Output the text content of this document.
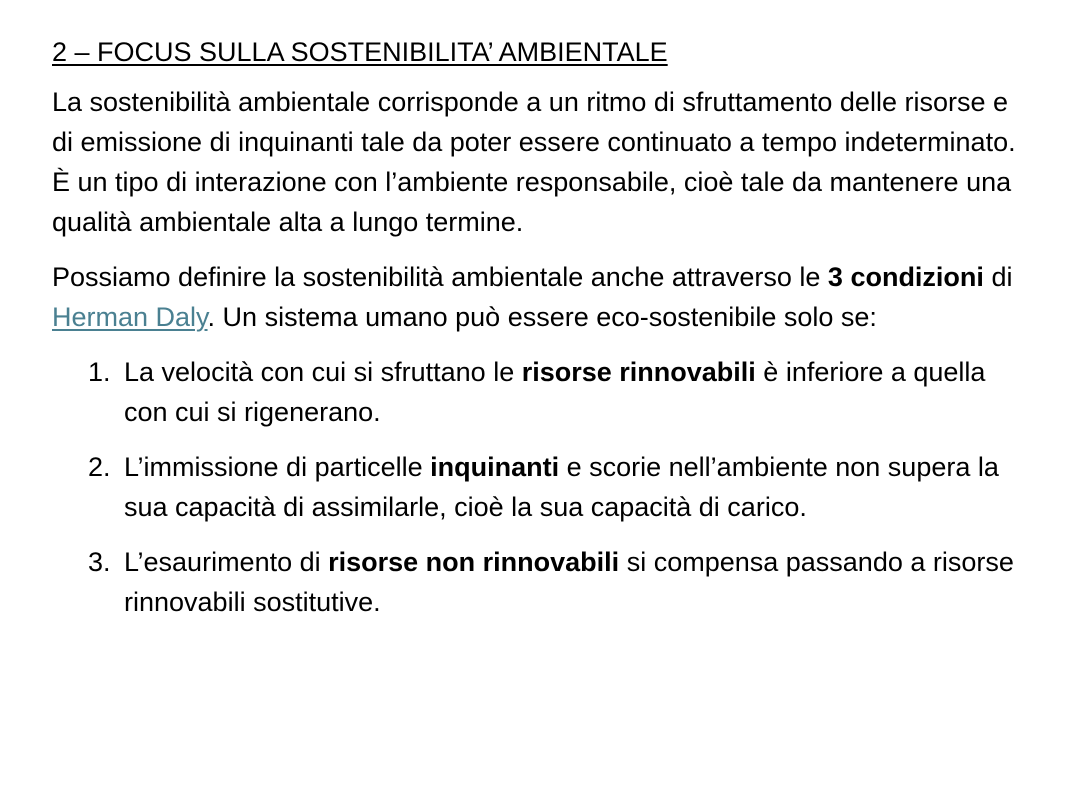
2 – FOCUS SULLA SOSTENIBILITA’ AMBIENTALE

La sostenibilità ambientale corrisponde a un ritmo di sfruttamento delle risorse e di emissione di inquinanti tale da poter essere continuato a tempo indeterminato. È un tipo di interazione con l’ambiente responsabile, cioè tale da mantenere una qualità ambientale alta a lungo termine.

Possiamo definire la sostenibilità ambientale anche attraverso le 3 condizioni di Herman Daly. Un sistema umano può essere eco-sostenibile solo se:

1. La velocità con cui si sfruttano le risorse rinnovabili è inferiore a quella con cui si rigenerano.
2. L’immissione di particelle inquinanti e scorie nell’ambiente non supera la sua capacità di assimilarle, cioè la sua capacità di carico.
3. L’esaurimento di risorse non rinnovabili si compensa passando a risorse rinnovabili sostitutive.
